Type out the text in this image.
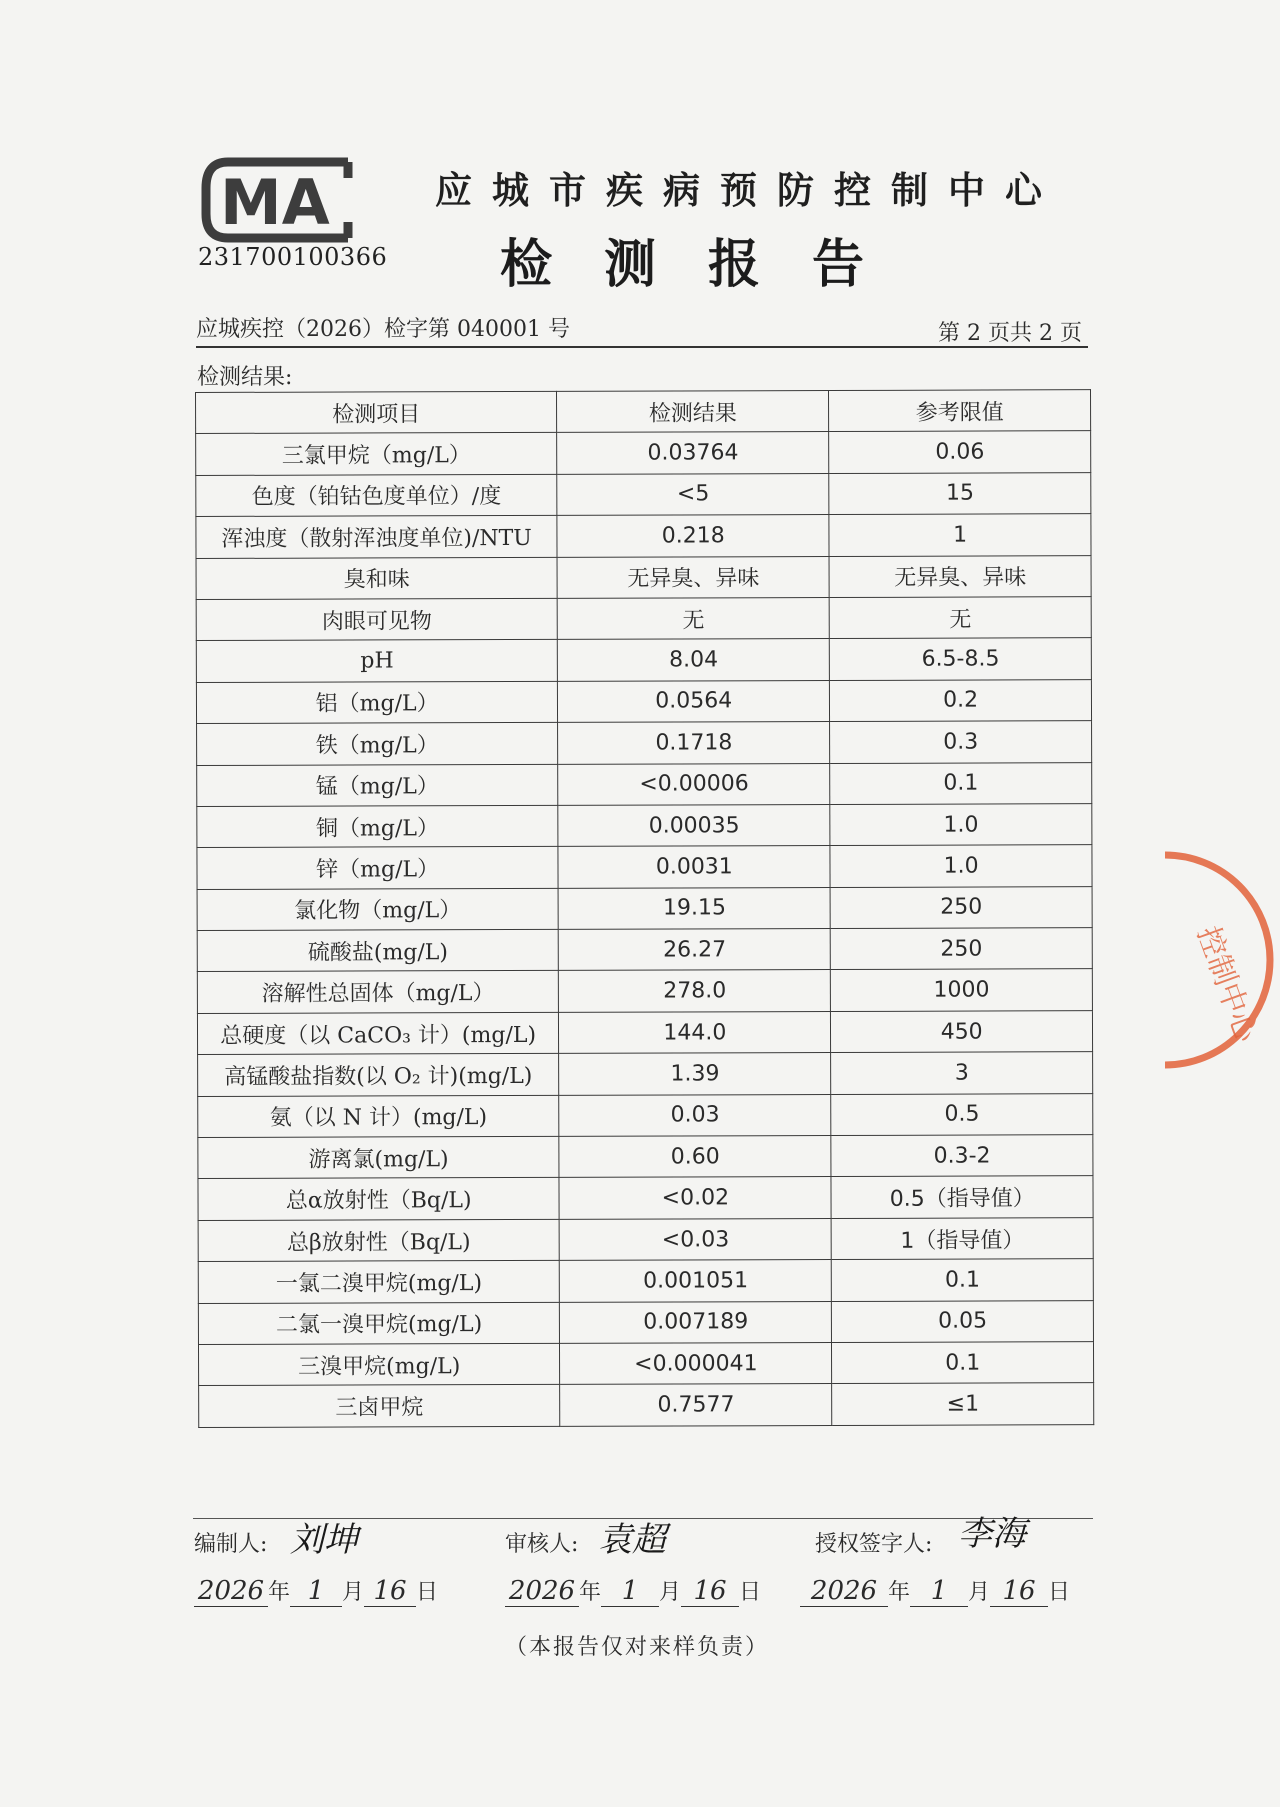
MA
231700100366
应城市疾病预防控制中心
检测报告
应城疾控（2026）检字第 040001 号	第 2 页共 2 页
检测结果:
检测项目	检测结果	参考限值
三氯甲烷（mg/L）	0.03764	0.06
色度（铂钴色度单位）/度	<5	15
浑浊度（散射浑浊度单位)/NTU	0.218	1
臭和味	无异臭、异味	无异臭、异味
肉眼可见物	无	无
pH	8.04	6.5-8.5
铝（mg/L）	0.0564	0.2
铁（mg/L）	0.1718	0.3
锰（mg/L）	<0.00006	0.1
铜（mg/L）	0.00035	1.0
锌（mg/L）	0.0031	1.0
氯化物（mg/L）	19.15	250
硫酸盐(mg/L)	26.27	250
溶解性总固体（mg/L）	278.0	1000
总硬度（以 CaCO₃ 计）(mg/L)	144.0	450
高锰酸盐指数(以 O₂ 计)(mg/L)	1.39	3
氨（以 N 计）(mg/L)	0.03	0.5
游离氯(mg/L)	0.60	0.3-2
总α放射性（Bq/L)	<0.02	0.5（指导值）
总β放射性（Bq/L)	<0.03	1（指导值）
一氯二溴甲烷(mg/L)	0.001051	0.1
二氯一溴甲烷(mg/L)	0.007189	0.05
三溴甲烷(mg/L)	<0.000041	0.1
三卤甲烷	0.7577	≤1
控制中心
编制人: 刘坤	审核人: 袁超	授权签字人: 李海
2026 年 1 月 16 日	2026 年 1 月 16 日	2026 年 1 月 16 日
（本报告仅对来样负责）
